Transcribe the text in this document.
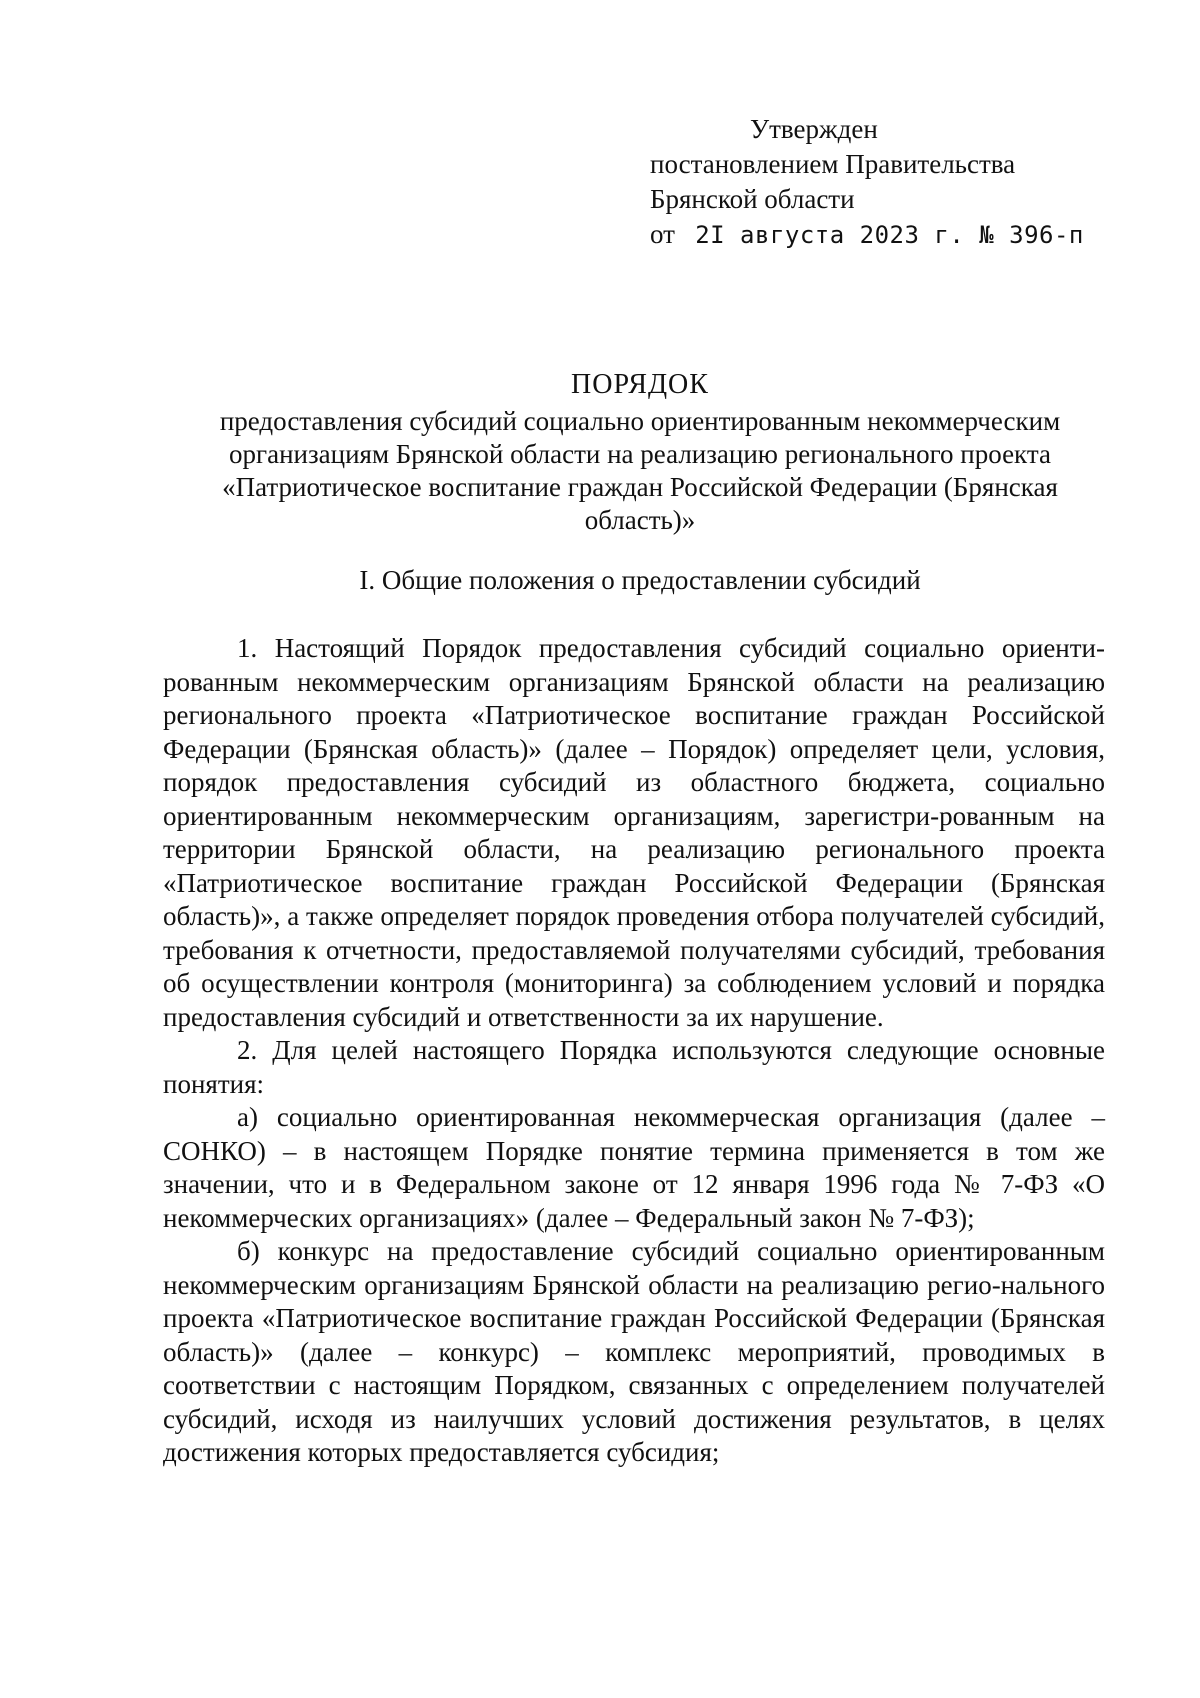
Утвержден
постановлением Правительства
Брянской области
от 2I августа 2023 г. № 396-п
ПОРЯДОК
предоставления субсидий социально ориентированным некоммерческим
организациям Брянской области на реализацию регионального проекта
«Патриотическое воспитание граждан Российской Федерации (Брянская
область)»
I. Общие положения о предоставлении субсидий

1. Настоящий Порядок предоставления субсидий социально ориенти-рованным некоммерческим организациям Брянской области на реализацию регионального проекта «Патриотическое воспитание граждан Российской Федерации (Брянская область)» (далее – Порядок) определяет цели, условия, порядок предоставления субсидий из областного бюджета, социально ориентированным некоммерческим организациям, зарегистри-рованным на территории Брянской области, на реализацию регионального проекта «Патриотическое воспитание граждан Российской Федерации (Брянская область)», а также определяет порядок проведения отбора получателей субсидий, требования к отчетности, предоставляемой получателями субсидий, требования об осуществлении контроля (мониторинга) за соблюдением условий и порядка предоставления субсидий и ответственности за их нарушение.

2. Для целей настоящего Порядка используются следующие основные понятия:

а) социально ориентированная некоммерческая организация (далее – СОНКО) – в настоящем Порядке понятие термина применяется в том же значении, что и в Федеральном законе от 12 января 1996 года № 7-ФЗ «О некоммерческих организациях» (далее – Федеральный закон № 7-ФЗ);

б) конкурс на предоставление субсидий социально ориентированным некоммерческим организациям Брянской области на реализацию регио-нального проекта «Патриотическое воспитание граждан Российской Федерации (Брянская область)» (далее – конкурс) – комплекс мероприятий, проводимых в соответствии с настоящим Порядком, связанных с определением получателей субсидий, исходя из наилучших условий достижения результатов, в целях достижения которых предоставляется субсидия;
